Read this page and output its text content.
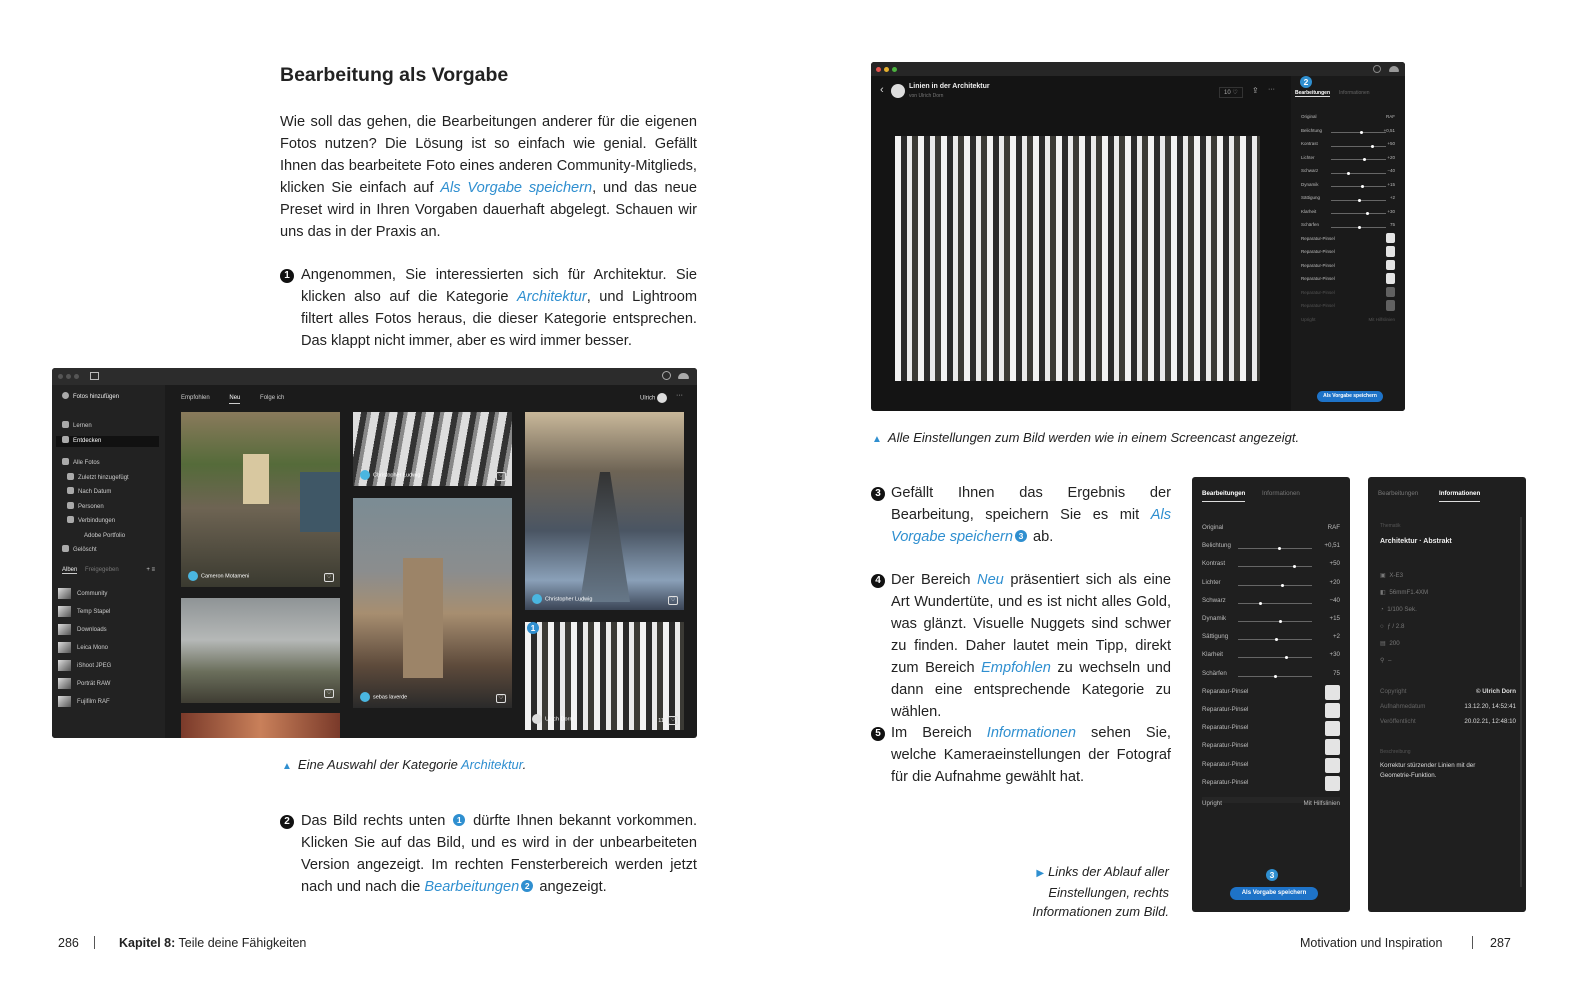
Bearbeitung als Vorgabe
Wie soll das gehen, die Bearbeitungen anderer für die eigenen Fotos nutzen? Die Lösung ist so einfach wie genial. Gefällt Ihnen das bearbeitete Foto eines anderen Community-Mitglieds, klicken Sie einfach auf Als Vorgabe speichern, und das neue Preset wird in Ihren Vorgaben dauerhaft abgelegt. Schauen wir uns das in der Praxis an.
1 Angenommen, Sie interessierten sich für Architektur. Sie klicken also auf die Kategorie Architektur, und Lightroom filtert alles Fotos heraus, die dieser Kategorie entsprechen. Das klappt nicht immer, aber es wird immer besser.
Fotos hinzufügen
Lernen
Entdecken
Alle Fotos
Zuletzt hinzugefügt
Nach Datum
Personen
Verbindungen
Adobe Portfolio
Gelöscht
Alben Freigegeben	+ ≡
Community
Temp Stapel
Downloads
Leica Mono
iShoot JPEG
Porträt RAW
Fujifilm RAF
Empfohlen	Neu	Folge ich	Ulrich	···
Cameron Motameni	♡
♡
Christopher Ludwig	♡
sebas laverde	♡
Christopher Ludwig	♡
1
Ulrich Dorn	11	♡
▲ Eine Auswahl der Kategorie Architektur.
2 Das Bild rechts unten 1 dürfte Ihnen bekannt vorkommen. Klicken Sie auf das Bild, und es wird in der unbearbeiteten Version angezeigt. Im rechten Fensterbereich werden jetzt nach und nach die Bearbeitungen 2 angezeigt.
286	Kapitel 8: Teile deine Fähigkeiten
‹	Linien in der Architektur
von Ulrich Dorn	10 ♡	⇪ ···
2
Bearbeitungen Informationen
Original	RAF
Belichtung	+0,51
Kontrast	+50
Lichter	+20
Schwarz	−40
Dynamik	+15
Sättigung	+2
Klarheit	+30
Schärfen	75
Reparatur-Pinsel
Reparatur-Pinsel
Reparatur-Pinsel
Reparatur-Pinsel
Reparatur-Pinsel
Reparatur-Pinsel
Upright	Mit Hilfslinien
Als Vorgabe speichern
▲ Alle Einstellungen zum Bild werden wie in einem Screencast angezeigt.
3 Gefällt Ihnen das Ergebnis der Bearbeitung, speichern Sie es mit Als Vorgabe speichern 3 ab.
4 Der Bereich Neu präsentiert sich als eine Art Wundertüte, und es ist nicht alles Gold, was glänzt. Visuelle Nuggets sind schwer zu finden. Daher lautet mein Tipp, direkt zum Bereich Empfohlen zu wechseln und dann eine entsprechende Kategorie zu wählen.
5 Im Bereich Informationen sehen Sie, welche Kameraeinstellungen der Fotograf für die Aufnahme gewählt hat.
▶ Links der Ablauf aller Einstellungen, rechts Informationen zum Bild.
Bearbeitungen	Informationen
Original	RAF
Belichtung	+0,51
Kontrast	+50
Lichter	+20
Schwarz	−40
Dynamik	+15
Sättigung	+2
Klarheit	+30
Schärfen	75
Reparatur-Pinsel
Reparatur-Pinsel
Reparatur-Pinsel
Reparatur-Pinsel
Reparatur-Pinsel
Reparatur-Pinsel
Upright	Mit Hilfslinien
3
Als Vorgabe speichern
Bearbeitungen	Informationen
Thematik
Architektur · Abstrakt
▣ X-E3
◧ 56mmF1.4XM
◔ 1/100 Sek.
○ ƒ / 2.8
▤ 200
⚲ –
Copyright	© Ulrich Dorn
Aufnahmedatum	13.12.20, 14:52:41
Veröffentlicht	20.02.21, 12:48:10
Beschreibung
Korrektur stürzender Linien mit der Geometrie-Funktion.
Motivation und Inspiration	287
